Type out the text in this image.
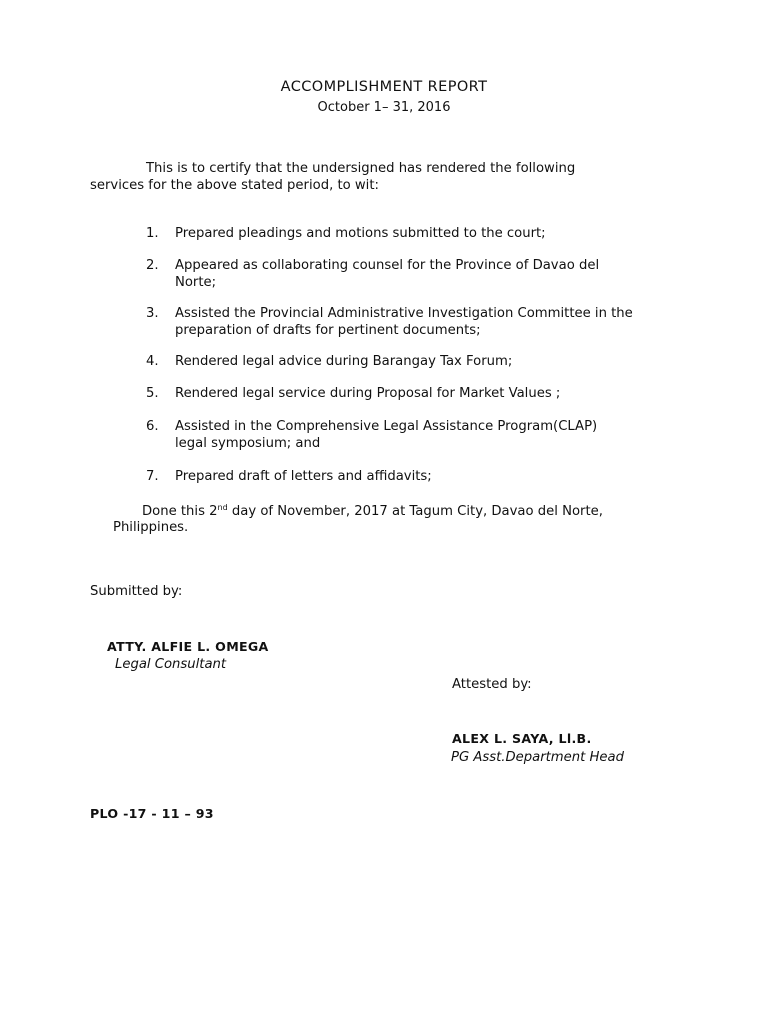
ACCOMPLISHMENT REPORT
October 1– 31, 2016
This is to certify that the undersigned has rendered the following
services for the above stated period, to wit:
1.	Prepared pleadings and motions submitted to the court;
2.	Appeared as collaborating counsel for the Province of Davao del
Norte;
3.	Assisted the Provincial Administrative Investigation Committee in the
preparation of drafts for pertinent documents;
4.	Rendered legal advice during Barangay Tax Forum;
5.	Rendered legal service during Proposal for Market Values ;
6.	Assisted in the Comprehensive Legal Assistance Program(CLAP)
legal symposium; and
7.	Prepared draft of letters and affidavits;
Done this 2nd day of November, 2017 at Tagum City, Davao del Norte,
Philippines.
Submitted by:
ATTY. ALFIE L. OMEGA
Legal Consultant
Attested by:
ALEX L. SAYA, Ll.B.
PG Asst.Department Head
PLO -17 - 11 – 93
